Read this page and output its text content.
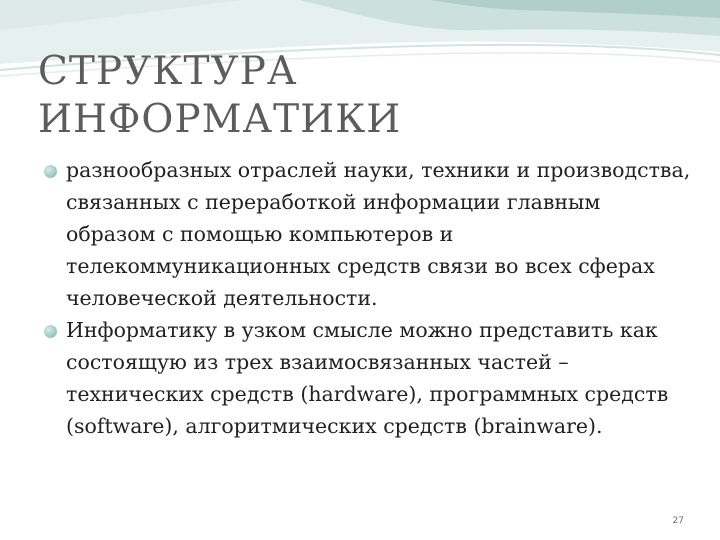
СТРУКТУРА
ИНФОРМАТИКИ
разнообразных отраслей науки, техники и производства, связанных с переработкой информации главным образом с помощью компьютеров и телекоммуникационных средств связи во всех сферах человеческой деятельности.
Информатику в узком смысле можно представить как состоящую из трех взаимосвязанных частей – технических средств (hardware), программных средств (software), алгоритмических средств (brainware).
27
